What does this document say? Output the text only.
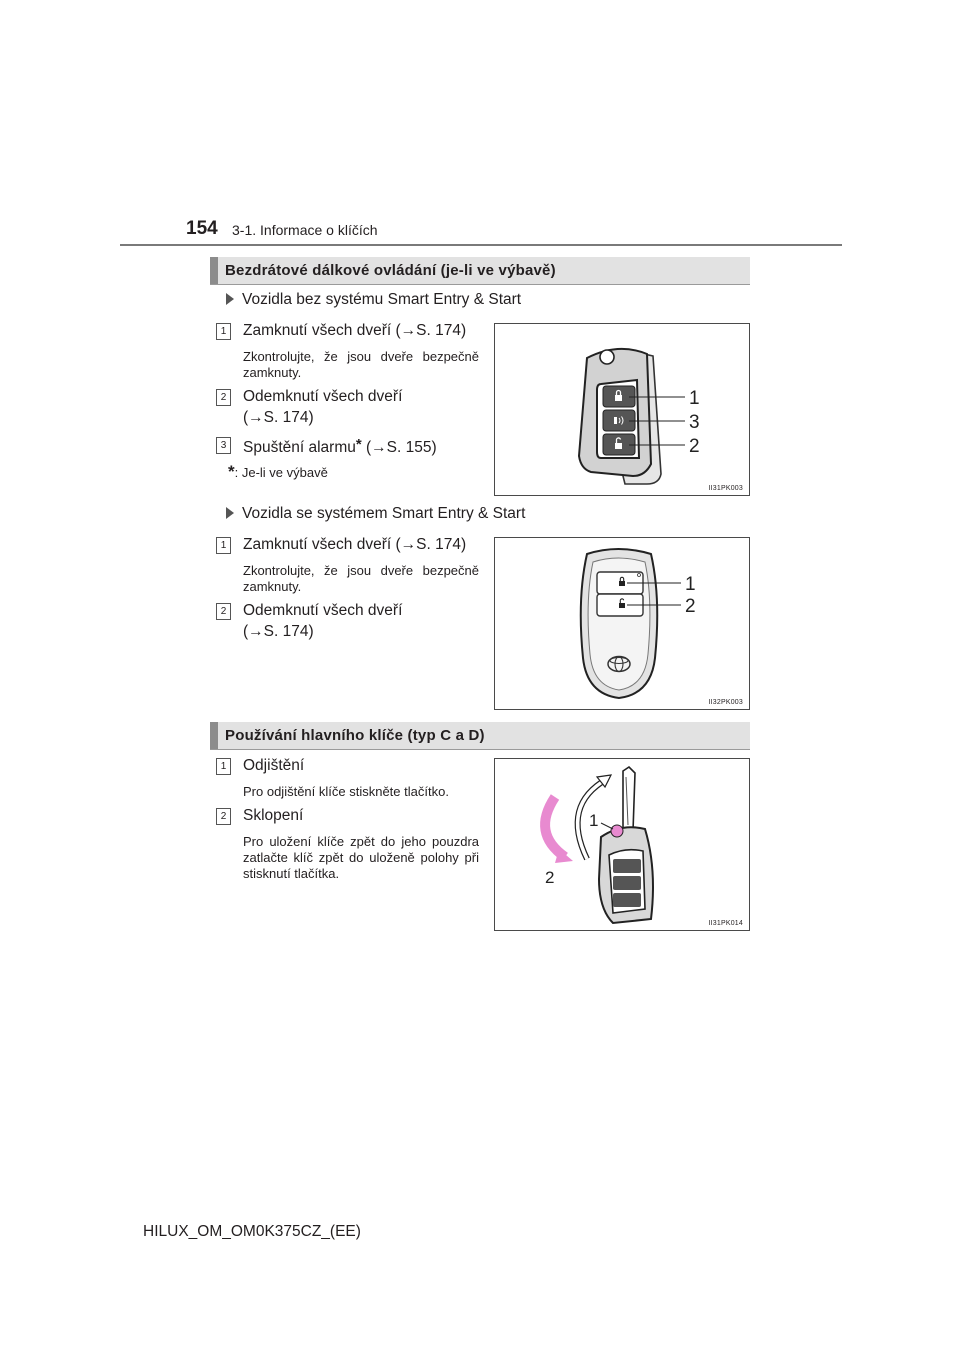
154 3-1. Informace o klíčích
Bezdrátové dálkové ovládání (je-li ve výbavě)
Vozidla bez systému Smart Entry & Start
1	Zamknutí všech dveří (→S. 174)
Zkontrolujte, že jsou dveře bezpečně zamknuty.
2	Odemknutí všech dveří
(→S. 174)
3	Spuštění alarmu* (→S. 155)
*: Je-li ve výbavě
1
3
2
II31PK003
Vozidla se systémem Smart Entry & Start
1	Zamknutí všech dveří (→S. 174)
Zkontrolujte, že jsou dveře bezpečně zamknuty.
2	Odemknutí všech dveří
(→S. 174)
1
2
II32PK003
Používání hlavního klíče (typ C a D)
1	Odjištění
Pro odjištění klíče stiskněte tlačítko.
2	Sklopení
Pro uložení klíče zpět do jeho pouzdra zatlačte klíč zpět do uloženě polohy při stisknutí tlačítka.
1
2
II31PK014
HILUX_OM_OM0K375CZ_(EE)
